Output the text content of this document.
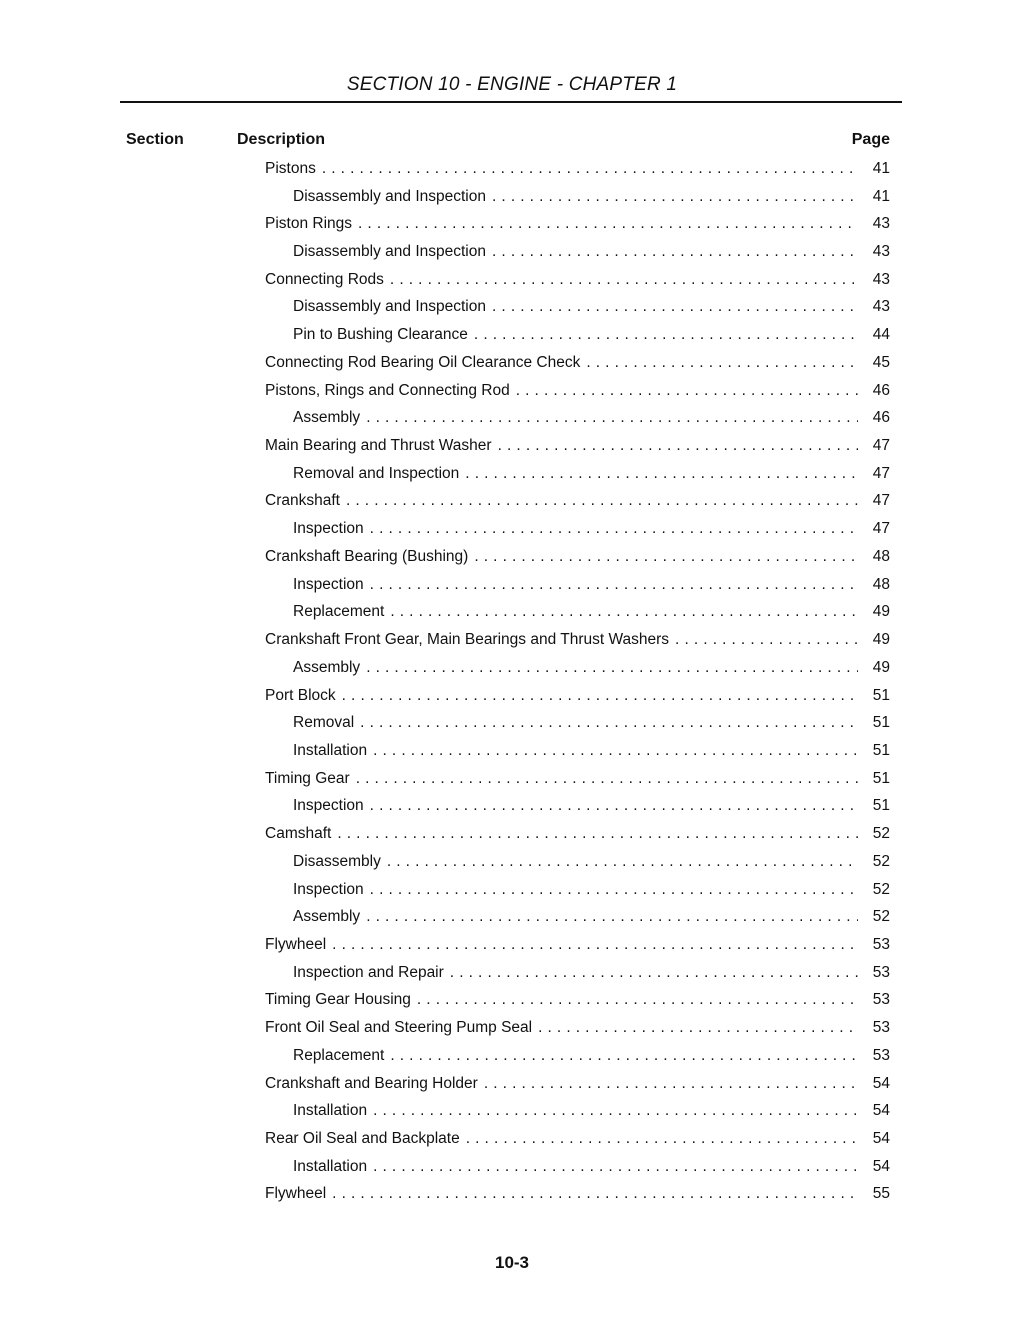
SECTION 10 - ENGINE - CHAPTER 1
Section	Description	Page
Pistons . . .	41
Disassembly and Inspection . . .	41
Piston Rings . . .	43
Disassembly and Inspection . . .	43
Connecting Rods . . .	43
Disassembly and Inspection . . .	43
Pin to Bushing Clearance . . .	44
Connecting Rod Bearing Oil Clearance Check . . .	45
Pistons, Rings and Connecting Rod . . .	46
Assembly . . .	46
Main Bearing and Thrust Washer . . .	47
Removal and Inspection . . .	47
Crankshaft . . .	47
Inspection . . .	47
Crankshaft Bearing (Bushing) . . .	48
Inspection . . .	48
Replacement . . .	49
Crankshaft Front Gear, Main Bearings and Thrust Washers . . .	49
Assembly . . .	49
Port Block . . .	51
Removal . . .	51
Installation . . .	51
Timing Gear . . .	51
Inspection . . .	51
Camshaft . . .	52
Disassembly . . .	52
Inspection . . .	52
Assembly . . .	52
Flywheel . . .	53
Inspection and Repair . . .	53
Timing Gear Housing . . .	53
Front Oil Seal and Steering Pump Seal . . .	53
Replacement . . .	53
Crankshaft and Bearing Holder . . .	54
Installation . . .	54
Rear Oil Seal and Backplate . . .	54
Installation . . .	54
Flywheel . . .	55
10-3
